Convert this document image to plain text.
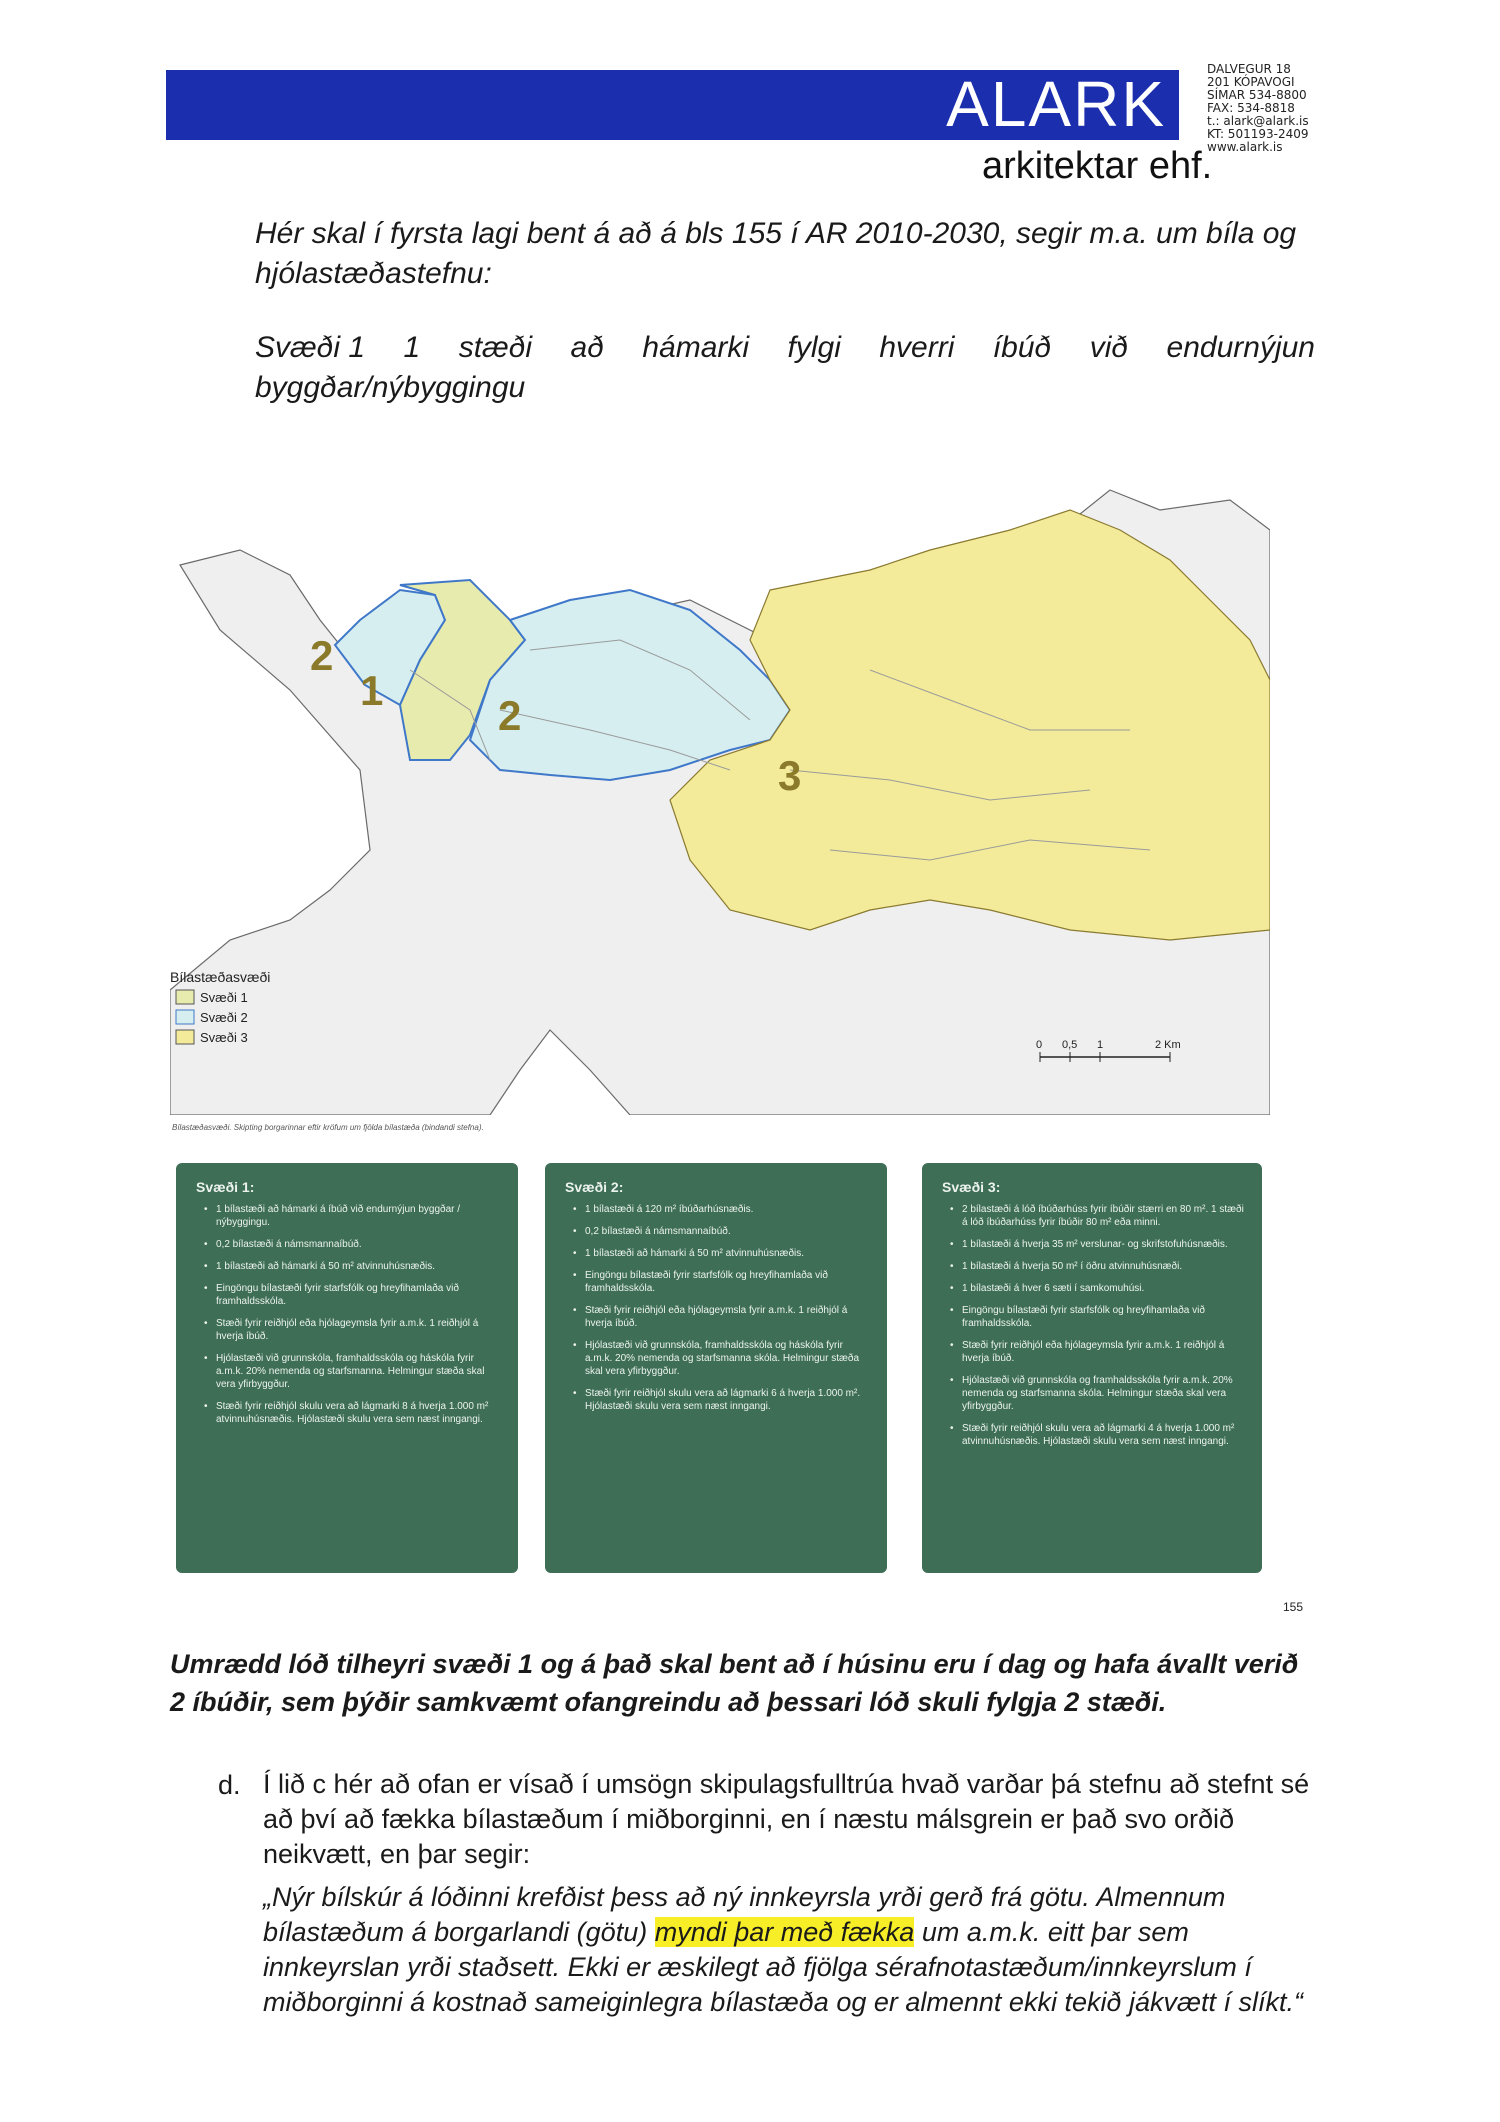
ALARK
arkitektar ehf.
DALVEGUR 18
201 KÓPAVOGI
SÍMAR 534-8800
FAX: 534-8818
t.: alark@alark.is
KT: 501193-2409
www.alark.is
Hér skal í fyrsta lagi bent á að á bls 155 í AR 2010-2030, segir m.a. um bíla og hjólastæðastefnu:
Svæði 1 1 stæði að hámarki fylgi hverri íbúð við endurnýjun
byggðar/nýbyggingu
2
1
2
3
Bílastæðasvæði
Svæði 1
Svæði 2
Svæði 3	0 0,5 1	2 Km
Bílastæðasvæði. Skipting borgarinnar eftir kröfum um fjölda bílastæða (bindandi stefna).
Svæði 1:
• 1 bílastæði að hámarki á íbúð við endurnýjun byggðar / nýbyggingu.
• 0,2 bílastæði á námsmannaíbúð.
• 1 bílastæði að hámarki á 50 m² atvinnuhúsnæðis.
• Eingöngu bílastæði fyrir starfsfólk og hreyfihamlaða við framhaldsskóla.
• Stæði fyrir reiðhjól eða hjólageymsla fyrir a.m.k. 1 reiðhjól á hverja íbúð.
• Hjólastæði við grunnskóla, framhaldsskóla og háskóla fyrir a.m.k. 20% nemenda og starfsmanna. Helmingur stæða skal vera yfirbyggður.
• Stæði fyrir reiðhjól skulu vera að lágmarki 8 á hverja 1.000 m² atvinnuhúsnæðis. Hjólastæði skulu vera sem næst inngangi.
Svæði 2:
• 1 bílastæði á 120 m² íbúðarhúsnæðis.
• 0,2 bílastæði á námsmannaíbúð.
• 1 bílastæði að hámarki á 50 m² atvinnuhúsnæðis.
• Eingöngu bílastæði fyrir starfsfólk og hreyfihamlaða við framhaldsskóla.
• Stæði fyrir reiðhjól eða hjólageymsla fyrir a.m.k. 1 reiðhjól á hverja íbúð.
• Hjólastæði við grunnskóla, framhaldsskóla og háskóla fyrir a.m.k. 20% nemenda og starfsmanna skóla. Helmingur stæða skal vera yfirbyggður.
• Stæði fyrir reiðhjól skulu vera að lágmarki 6 á hverja 1.000 m². Hjólastæði skulu vera sem næst inngangi.
Svæði 3:
• 2 bílastæði á lóð íbúðarhúss fyrir íbúðir stærri en 80 m². 1 stæði á lóð íbúðarhúss fyrir íbúðir 80 m² eða minni.
• 1 bílastæði á hverja 35 m² verslunar- og skrifstofuhúsnæðis.
• 1 bílastæði á hverja 50 m² í öðru atvinnuhúsnæði.
• 1 bílastæði á hver 6 sæti í samkomuhúsi.
• Eingöngu bílastæði fyrir starfsfólk og hreyfihamlaða við framhaldsskóla.
• Stæði fyrir reiðhjól eða hjólageymsla fyrir a.m.k. 1 reiðhjól á hverja íbúð.
• Hjólastæði við grunnskóla og framhaldsskóla fyrir a.m.k. 20% nemenda og starfsmanna skóla. Helmingur stæða skal vera yfirbyggður.
• Stæði fyrir reiðhjól skulu vera að lágmarki 4 á hverja 1.000 m² atvinnuhúsnæðis. Hjólastæði skulu vera sem næst inngangi.
155
Umrædd lóð tilheyri svæði 1 og á það skal bent að í húsinu eru í dag og hafa ávallt verið 2 íbúðir, sem þýðir samkvæmt ofangreindu að þessari lóð skuli fylgja 2 stæði.
d. Í lið c hér að ofan er vísað í umsögn skipulagsfulltrúa hvað varðar þá stefnu að stefnt sé að því að fækka bílastæðum í miðborginni, en í næstu málsgrein er það svo orðið neikvætt, en þar segir:
„Nýr bílskúr á lóðinni krefðist þess að ný innkeyrsla yrði gerð frá götu. Almennum bílastæðum á borgarlandi (götu) myndi þar með fækka um a.m.k. eitt þar sem innkeyrslan yrði staðsett. Ekki er æskilegt að fjölga sérafnotastæðum/innkeyrslum í miðborginni á kostnað sameiginlegra bílastæða og er almennt ekki tekið jákvætt í slíkt.“
